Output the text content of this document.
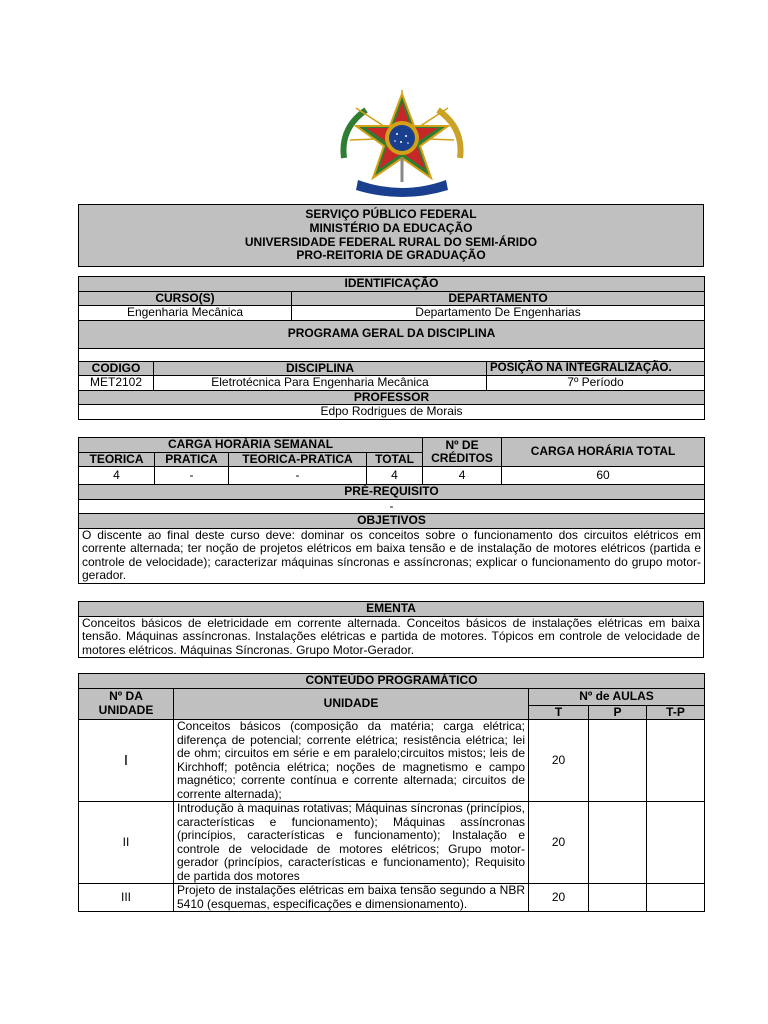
SERVIÇO PÚBLICO FEDERAL
MINISTÉRIO DA EDUCAÇÃO
UNIVERSIDADE FEDERAL RURAL DO SEMI-ÁRIDO
PRO-REITORIA DE GRADUAÇÃO
IDENTIFICAÇÃO			
CURSO(S)		DEPARTAMENTO	
Engenharia Mecânica		Departamento De Engenharias	
PROGRAMA GERAL DA DISCIPLINA			

CODIGO	DISCIPLINA		POSIÇÃO NA INTEGRALIZAÇÃO.
MET2102	Eletrotécnica Para Engenharia Mecânica		7º Período
PROFESSOR			
Edpo Rodrigues de Morais			
CARGA HORÁRIA SEMANAL				Nº DE CRÉDITOS	CARGA HORÁRIA TOTAL
TEORICA	PRATICA	TEORICA-PRATICA	TOTAL		
4	-	-	4	4	60
PRÉ-REQUISITO					
-					
OBJETIVOS					
O discente ao final deste curso deve: dominar os conceitos sobre o funcionamento dos circuitos elétricos em corrente alternada; ter noção de projetos elétricos em baixa tensão e de instalação de motores elétricos (partida e controle de velocidade); caracterizar máquinas síncronas e assíncronas; explicar o funcionamento do grupo motor-gerador.					
EMENTA
Conceitos básicos de eletricidade em corrente alternada. Conceitos básicos de instalações elétricas em baixa tensão. Máquinas assíncronas. Instalações elétricas e partida de motores. Tópicos em controle de velocidade de motores elétricos. Máquinas Síncronas. Grupo Motor-Gerador.
CONTEÚDO PROGRAMÁTICO				
Nº DA UNIDADE	UNIDADE	Nº de AULAS		
		T	P	T-P
I	Conceitos básicos (composição da matéria; carga elétrica; diferença de potencial; corrente elétrica; resistência elétrica; lei de ohm; circuitos em série e em paralelo;circuitos mistos; leis de Kirchhoff; potência elétrica; noções de magnetismo e campo magnético; corrente contínua e corrente alternada; circuitos de corrente alternada);	20		
II	Introdução à maquinas rotativas; Máquinas síncronas (princípios, características e funcionamento); Máquinas assíncronas (princípios, características e funcionamento); Instalação e controle de velocidade de motores elétricos; Grupo motor-gerador (princípios, características e funcionamento); Requisito de partida dos motores	20		
III	Projeto de instalações elétricas em baixa tensão segundo a NBR 5410 (esquemas, especificações e dimensionamento).	20		
